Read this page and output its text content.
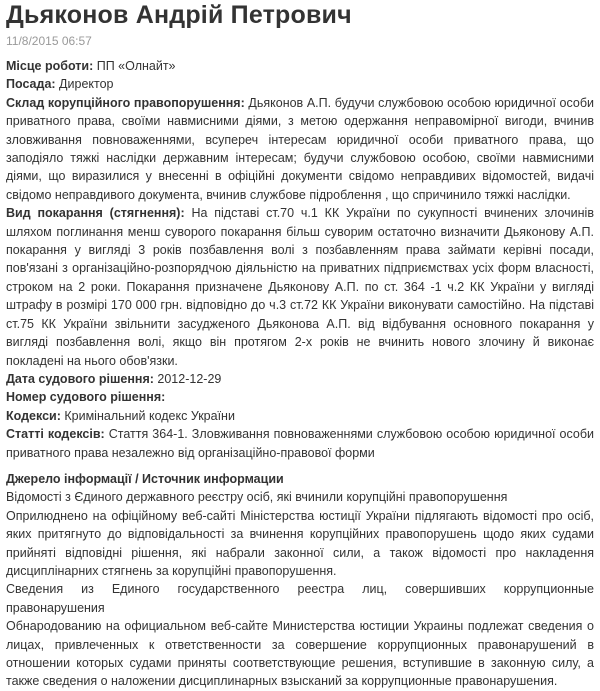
Дьяконов Андрій Петрович
11/8/2015 06:57
Місце роботи: ПП «Олнайт»
Посада: Директор
Склад корупційного правопорушення: Дьяконов А.П. будучи службовою особою юридичної особи приватного права, своїми навмисними діями, з метою одержання неправомірної вигоди, вчинив зловживання повноваженнями, всупереч інтересам юридичної особи приватного права, що заподіяло тяжкі наслідки державним інтересам; будучи службовою особою, своїми навмисними діями, що виразилися у внесенні в офіційні документи свідомо неправдивих відомостей, видачі свідомо неправдивого документа, вчинив службове підроблення , що спричинило тяжкі наслідки.
Вид покарання (стягнення): На підставі ст.70 ч.1 КК України по сукупності вчинених злочинів шляхом поглинання менш суворого покарання більш суворим остаточно визначити Дьяконову А.П. покарання у вигляді 3 років позбавлення волі з позбавленням права займати керівні посади, пов'язані з організаційно-розпорядчою діяльністю на приватних підприємствах усіх форм власності, строком на 2 роки. Покарання призначене Дьяконову А.П. по ст. 364 -1 ч.2 КК України у вигляді штрафу в розмірі 170 000 грн. відповідно до ч.3 ст.72 КК України виконувати самостійно. На підставі ст.75 КК України звільнити засудженого Дьяконова А.П. від відбування основного покарання у вигляді позбавлення волі, якщо він протягом 2-х років не вчинить нового злочину й виконає покладені на нього обов'язки.
Дата судового рішення: 2012-12-29
Номер судового рішення:
Кодекси: Кримінальний кодекс України
Статті кодексів: Стаття 364-1. Зловживання повноваженнями службовою особою юридичної особи приватного права незалежно від організаційно-правової форми
Джерело інформації / Источник информации
Відомості з Єдиного державного реєстру осіб, які вчинили корупційні правопорушення
Оприлюднено на офіційному веб-сайті Міністерства юстиції України підлягають відомості про осіб, яких притягнуто до відповідальності за вчинення корупційних правопорушень щодо яких судами прийняті відповідні рішення, які набрали законної сили, а також відомості про накладення дисциплінарних стягнень за корупційні правопорушення.
Сведения из Единого государственного реестра лиц, совершивших коррупционные правонарушения
Обнародованию на официальном веб-сайте Министерства юстиции Украины подлежат сведения о лицах, привлеченных к ответственности за совершение коррупционных правонарушений в отношении которых судами приняты соответствующие решения, вступившие в законную силу, а также сведения о наложении дисциплинарных взысканий за коррупционные правонарушения.
